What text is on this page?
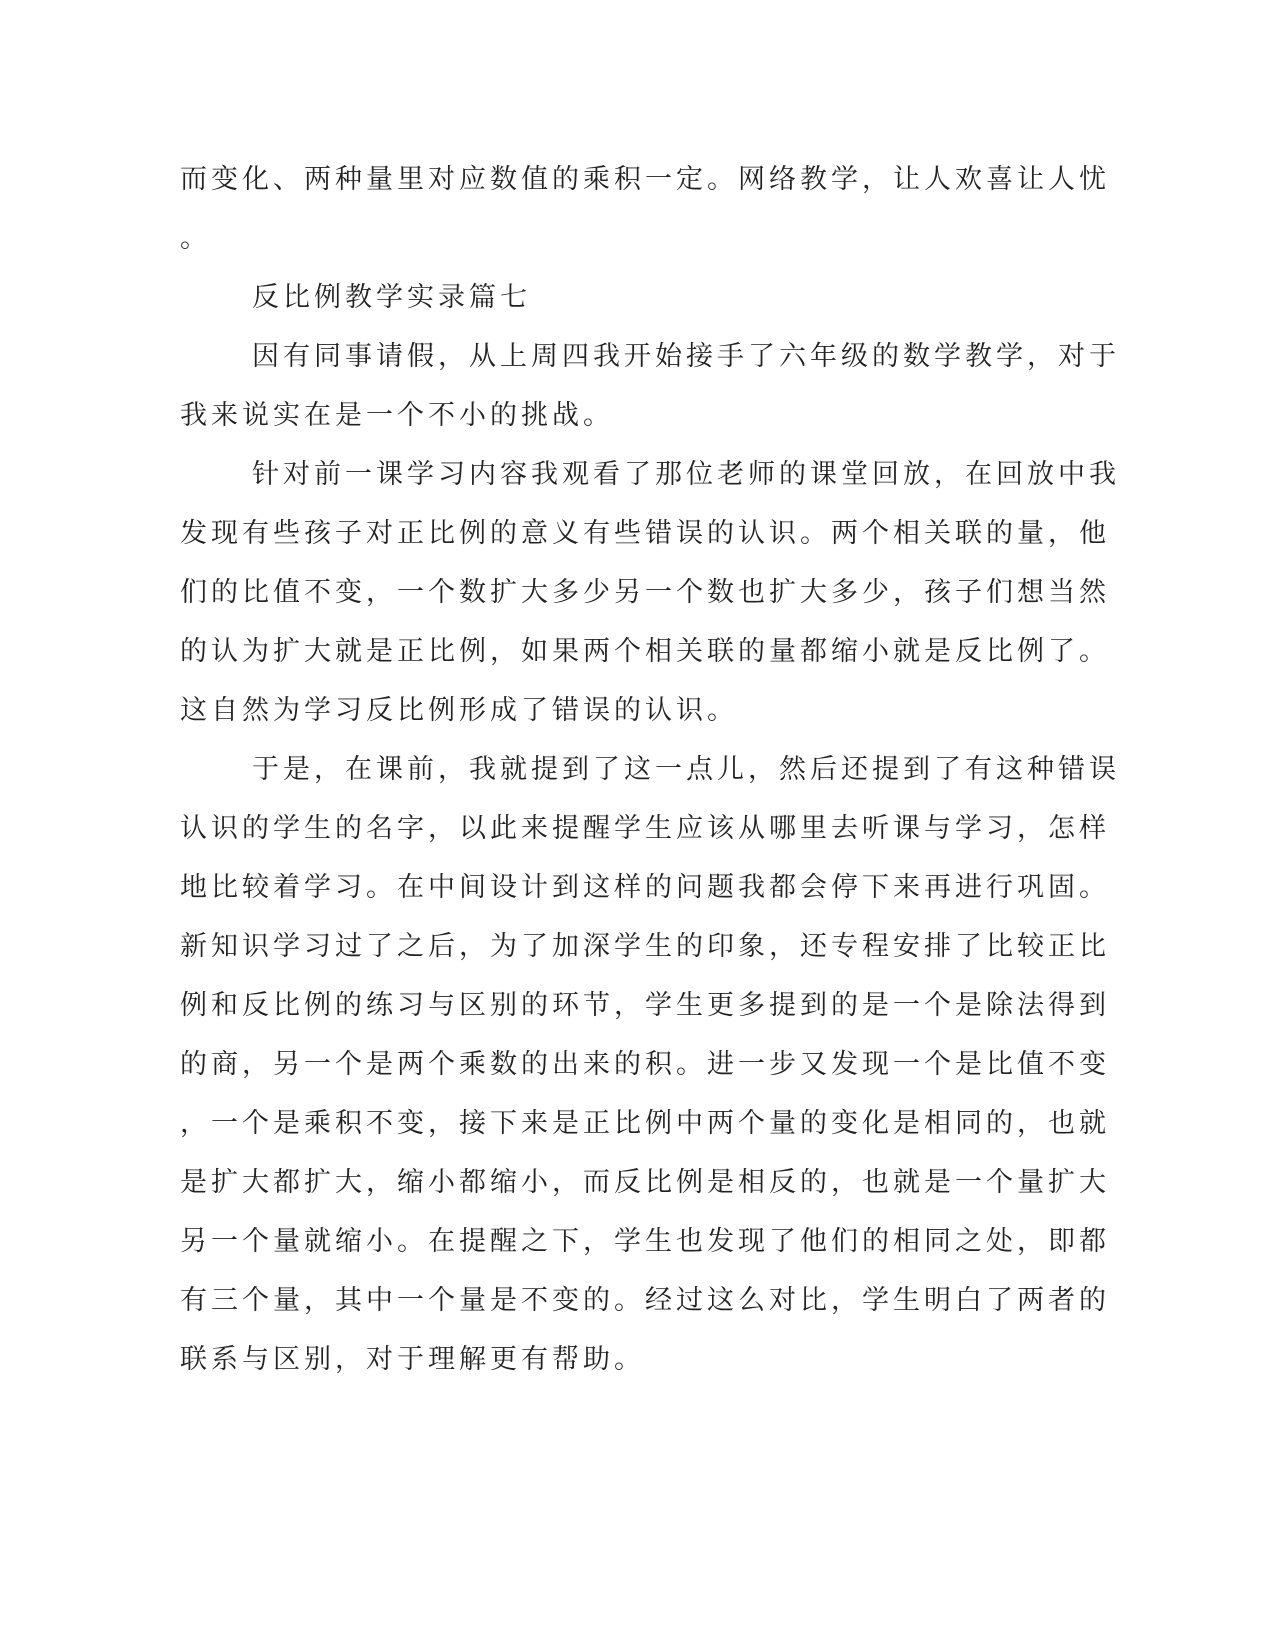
而变化、两种量里对应数值的乘积一定。网络教学，让人欢喜让人忧
。
反比例教学实录篇七
因有同事请假，从上周四我开始接手了六年级的数学教学，对于
我来说实在是一个不小的挑战。
针对前一课学习内容我观看了那位老师的课堂回放，在回放中我
发现有些孩子对正比例的意义有些错误的认识。两个相关联的量，他
们的比值不变，一个数扩大多少另一个数也扩大多少，孩子们想当然
的认为扩大就是正比例，如果两个相关联的量都缩小就是反比例了。
这自然为学习反比例形成了错误的认识。
于是，在课前，我就提到了这一点儿，然后还提到了有这种错误
认识的学生的名字，以此来提醒学生应该从哪里去听课与学习，怎样
地比较着学习。在中间设计到这样的问题我都会停下来再进行巩固。
新知识学习过了之后，为了加深学生的印象，还专程安排了比较正比
例和反比例的练习与区别的环节，学生更多提到的是一个是除法得到
的商，另一个是两个乘数的出来的积。进一步又发现一个是比值不变
，一个是乘积不变，接下来是正比例中两个量的变化是相同的，也就
是扩大都扩大，缩小都缩小，而反比例是相反的，也就是一个量扩大
另一个量就缩小。在提醒之下，学生也发现了他们的相同之处，即都
有三个量，其中一个量是不变的。经过这么对比，学生明白了两者的
联系与区别，对于理解更有帮助。
